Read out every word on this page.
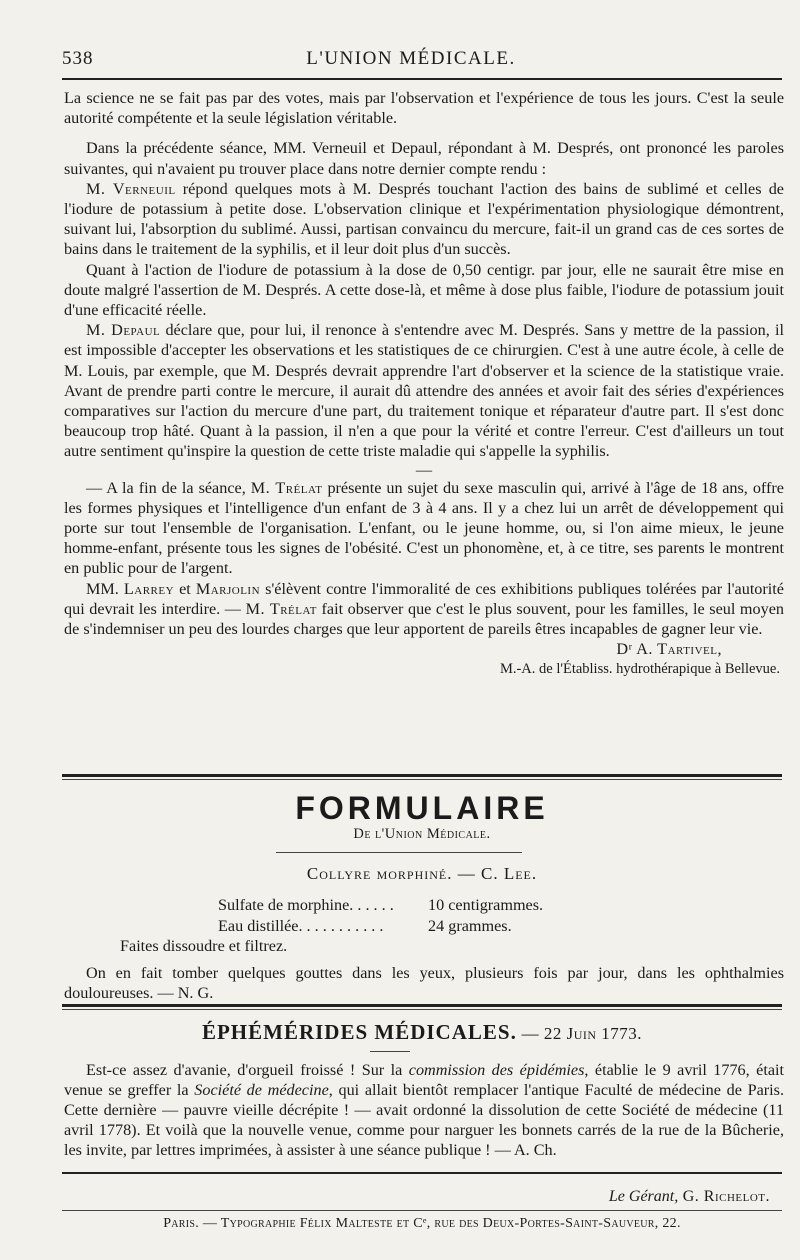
538	L'UNION MÉDICALE.

La science ne se fait pas par des votes, mais par l'observation et l'expérience de tous les jours. C'est la seule autorité compétente et la seule législation véritable.

Dans la précédente séance, MM. Verneuil et Depaul, répondant à M. Després, ont prononcé les paroles suivantes, qui n'avaient pu trouver place dans notre dernier compte rendu :

M. Verneuil répond quelques mots à M. Després touchant l'action des bains de sublimé et celles de l'iodure de potassium à petite dose. L'observation clinique et l'expérimentation physiologique démontrent, suivant lui, l'absorption du sublimé. Aussi, partisan convaincu du mercure, fait-il un grand cas de ces sortes de bains dans le traitement de la syphilis, et il leur doit plus d'un succès.

Quant à l'action de l'iodure de potassium à la dose de 0,50 centigr. par jour, elle ne saurait être mise en doute malgré l'assertion de M. Després. A cette dose-là, et même à dose plus faible, l'iodure de potassium jouit d'une efficacité réelle.

M. Depaul déclare que, pour lui, il renonce à s'entendre avec M. Després. Sans y mettre de la passion, il est impossible d'accepter les observations et les statistiques de ce chirurgien. C'est à une autre école, à celle de M. Louis, par exemple, que M. Després devrait apprendre l'art d'observer et la science de la statistique vraie. Avant de prendre parti contre le mercure, il aurait dû attendre des années et avoir fait des séries d'expériences comparatives sur l'action du mercure d'une part, du traitement tonique et réparateur d'autre part. Il s'est donc beaucoup trop hâté. Quant à la passion, il n'en a que pour la vérité et contre l'erreur. C'est d'ailleurs un tout autre sentiment qu'inspire la question de cette triste maladie qui s'appelle la syphilis.

—

— A la fin de la séance, M. Trélat présente un sujet du sexe masculin qui, arrivé à l'âge de 18 ans, offre les formes physiques et l'intelligence d'un enfant de 3 à 4 ans. Il y a chez lui un arrêt de développement qui porte sur tout l'ensemble de l'organisation. L'enfant, ou le jeune homme, ou, si l'on aime mieux, le jeune homme-enfant, présente tous les signes de l'obésité. C'est un phonomène, et, à ce titre, ses parents le montrent en public pour de l'argent.

MM. Larrey et Marjolin s'élèvent contre l'immoralité de ces exhibitions publiques tolérées par l'autorité qui devrait les interdire. — M. Trélat fait observer que c'est le plus souvent, pour les familles, le seul moyen de s'indemniser un peu des lourdes charges que leur apportent de pareils êtres incapables de gagner leur vie.

Dʳ A. Tartivel,

M.-A. de l'Établiss. hydrothérapique à Bellevue.

FORMULAIRE
De l'Union Médicale.
Collyre morphiné. — C. Lee.
Sulfate de morphine. . . . . . 10 centigrammes.
Eau distillée. . . . . . . . . . .	24 grammes.

Faites dissoudre et filtrez.

On en fait tomber quelques gouttes dans les yeux, plusieurs fois par jour, dans les ophthalmies douloureuses. — N. G.

ÉPHÉMÉRIDES MÉDICALES. — 22 Juin 1773.

Est-ce assez d'avanie, d'orgueil froissé ! Sur la commission des épidémies, établie le 9 avril 1776, était venue se greffer la Société de médecine, qui allait bientôt remplacer l'antique Faculté de médecine de Paris. Cette dernière — pauvre vieille décrépite ! — avait ordonné la dissolution de cette Société de médecine (11 avril 1778). Et voilà que la nouvelle venue, comme pour narguer les bonnets carrés de la rue de la Bûcherie, les invite, par lettres imprimées, à assister à une séance publique ! — A. Ch.

Le Gérant, G. Richelot.
Paris. — Typographie Félix Malteste et Cᵉ, rue des Deux-Portes-Saint-Sauveur, 22.
